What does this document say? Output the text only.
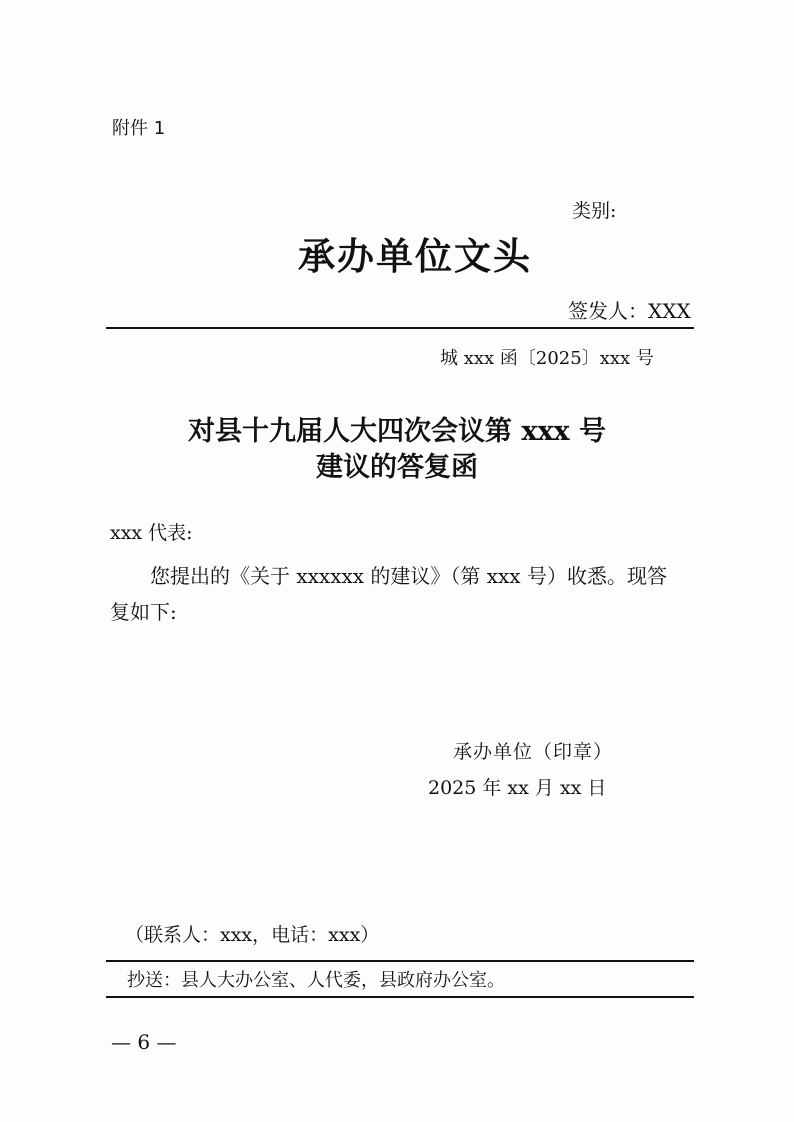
附件 1
类别:
承办单位文头
签发人：XXX
城 xxx 函〔2025〕xxx 号
对县十九届人大四次会议第 xxx 号
建议的答复函
xxx 代表:
您提出的《关于 xxxxxx 的建议》（第 xxx 号）收悉。现答
复如下:
承办单位（印章）
2025 年 xx 月 xx 日
（联系人：xxx，电话：xxx）
抄送：县人大办公室、人代委，县政府办公室。
— 6 —
